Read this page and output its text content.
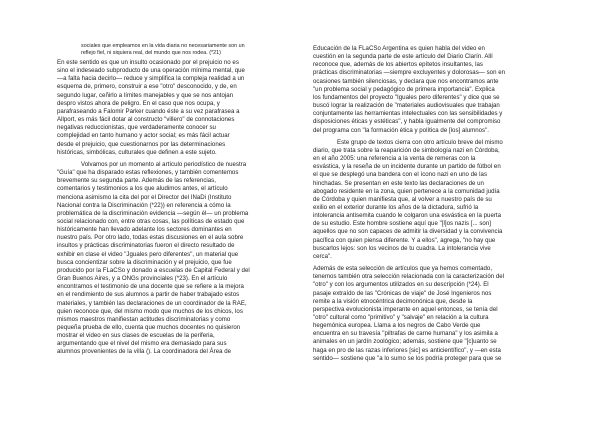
sociales que empleamos en la vida diaria no necesariamente son un
reflejo fiel, ni siquiera real, del mundo que nos rodea. (*21)

En este sentido es que un insulto ocasionado por el prejuicio no es
sino el indeseado subproducto de una operación mínima mental, que
—a falta hacia decirlo— reduce y simplifica la compleja realidad a un
esquema de, primero, construir a ese "otro" desconocido, y de, en
segundo lugar, ceñirlo a límites manejables y que se nos antojan
despro vistos ahora de peligro. En el caso que nos ocupa, y
parafraseando a Falomir Parker cuando éste a su vez parafrasea a
Allport, es más fácil dotar al constructo "villero" de connotaciones
negativas reduccionistas, que verdaderamente conocer su
complejidad en tanto humano y actor social; es más fácil actuar
desde el prejuicio, que cuestionarnos por las determinaciones
históricas, simbólicas, culturales que definen a este sujeto.

Volvamos por un momento al artículo periodístico de nuestra
"Guía" que ha disparado estas reflexiones, y también comentemos
brevemente su segunda parte. Además de las referencias,
comentarios y testimonios a los que aludimos antes, el artículo
menciona asimismo la cita del por el Director del INaDi (Instituto
Nacional contra la Discriminación (*22)) en referencia a cómo la
problemática de la discriminación evidencia —según él— un problema
social relacionado con, entre otras cosas, las políticas de estado que
históricamente han llevado adelante los sectores dominantes en
nuestro país. Por otro lado, todas estas discusiones en el aula sobre
insultos y prácticas discriminatorias fueron el directo resultado de
exhibir en clase el video "Jguales pero diferentes", un material que
busca concientizar sobre la discriminación y el prejuicio, que fue
producido por la FLaCSo y donado a escuelas de Capital Federal y del
Gran Buenos Aires, y a ONGs provinciales (*23). En el artículo
encontramos el testimonio de una docente que se refiere a la mejora
en el rendimiento de sus alumnos a partir de haber trabajado estos
materiales, y también las declaraciones de un coordinador de la RAE,
quien reconoce que, del mismo modo que muchos de los chicos, los
mismos maestros manifiestan actitudes discriminatorias y como
pequeña prueba de ello, cuenta que muchos docentes no quisieron
mostrar el video en sus clases de escuelas de la periferia,
argumentando que el nivel del mismo era demasiado para sus
alumnos provenientes de la villa (). La coordinadora del Área de

Educación de la FLaCSo Argentina es quien habla del video en
cuestión en la segunda parte de este artículo del Diario Clarín. Allí
reconoce que, además de los abiertos epítetos insultantes, las
prácticas discriminatorias —siempre excluyentes y dolorosas— son en
ocasiones también silenciosas, y declara que nos encontramos ante
"un problema social y pedagógico de primera importancia". Explica
los fundamentos del proyecto "Iguales pero diferentes" y dice que se
buscó lograr la realización de "materiales audiovisuales que trabajan
conjuntamente las herramientas intelectuales con las sensibilidades y
disposiciones éticas y estéticas", y habla igualmente del compromiso
del programa con "la formación ética y política de [los] alumnos".

Este grupo de textos cierra con otro artículo breve del mismo
diario, que trata sobre la reaparición de simbología nazi en Córdoba,
en el año 2005: una referencia a la venta de remeras con la
esvástica, y la reseña de un incidente durante un partido de fútbol en
el que se desplegó una bandera con el ícono nazi en uno de las
hinchadas. Se presentan en este texto las declaraciones de un
abogado residente en la zona, quien pertenece a la comunidad judía
de Córdoba y quien manifiesta que, al volver a nuestro país de su
exilio en el exterior durante los años de la dictadura, sufrió la
intolerancia antisemita cuando le colgaron una esvástica en la puerta
de su estudio. Este hombre sostiene aquí que "[l]os nazis [... son]
aquellos que no son capaces de admitir la diversidad y la convivencia
pacífica con quien piensa diferente. Y a ellos", agrega, "no hay que
buscarlos lejos: son los vecinos de tu cuadra. La intolerancia vive
cerca".

Además de esta selección de artículos que ya hemos comentado,
tenemos también otra selección relacionada con la caracterización del
"otro" y con los argumentos utilizados en su descripción (*24). El
pasaje extraído de las "Crónicas de viaje" de José Ingenieros nos
remite a la visión etnocéntrica decimonónica que, desde la
perspectiva evolucionista imperante en aquel entonces, se tenía del
"otro" cultural como "primitivo" y "salvaje" en relación a la cultura
hegemónica europea. Llama a los negros de Cabo Verde que
encuentra en su travesía "piltrafas de carne humana" y los asimila a
animales en un jardín zoológico; además, sostiene que "[c]uanto se
haga en pro de las razas inferiores [sic] es anticientífico", y —en esta
sentido— sostiene que "a lo sumo se los podría proteger para que se
